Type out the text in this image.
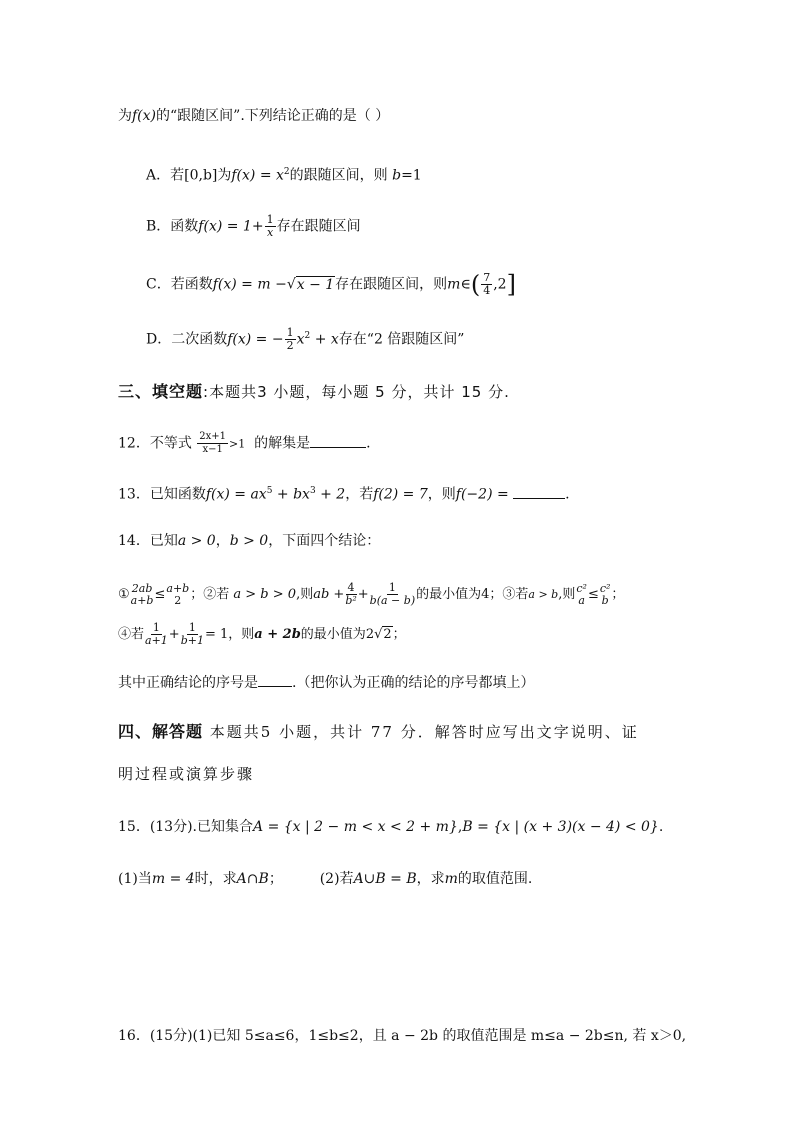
为f(x)的“跟随区间”.下列结论正确的是（ ）
A．若[0,b]为$f(x) = x^2$的跟随区间，则 b=1
B．函数$f(x) = 1+ \frac{1}{x}$ 存在跟随区间
C．若函数f(x) = m −√x − 1存在跟随区间，则m∈( $\frac{7}{4} ,2$]
D．二次函数f(x) = − $\frac{1}{2} x^2 + x$存在“2 倍跟随区间”
三、填空题:本题共3 小题，每小题 5 分，共计 15 分.
12．不等式 $\frac{2x+1}{x-1} >1$ 的解集是	.
13．已知函数$f(x) = ax^5 + bx^3 + 2$，若f(2) = 7，则f(−2) =	.
14．已知a > 0，b > 0，下面四个结论：
① 2ab
a+b ≤ a+b
2 ；②若 a > b > 0,则ab + $\frac{4}{\text{b²}} + \frac{1}{b(a - b)}$ 的最小值为4；③若a > b,则 c²
a ≤ c²
b ；
④若 $\frac{1}{a+1} + \frac{1}{b+1} = 1$，则a + 2b的最小值为2√2；
其中正确结论的序号是 .（把你认为正确的结论的序号都填上）
四、解答题 本题共5 小题，共计 77 分．解答时应写出文字说明、证
明过程或演算步骤
15．(13分).已知集合A = {x | 2 − m < x < 2 + m},B = {x | (x + 3)(x − 4) < 0}.
(1)当m = 4时，求A∩B；	(2)若A∪B = B，求m的取值范围.
16．(15分)(1)已知 5≤a≤6，1≤b≤2，且 a − 2b 的取值范围是 m≤a − 2b≤n, 若 x＞0,
